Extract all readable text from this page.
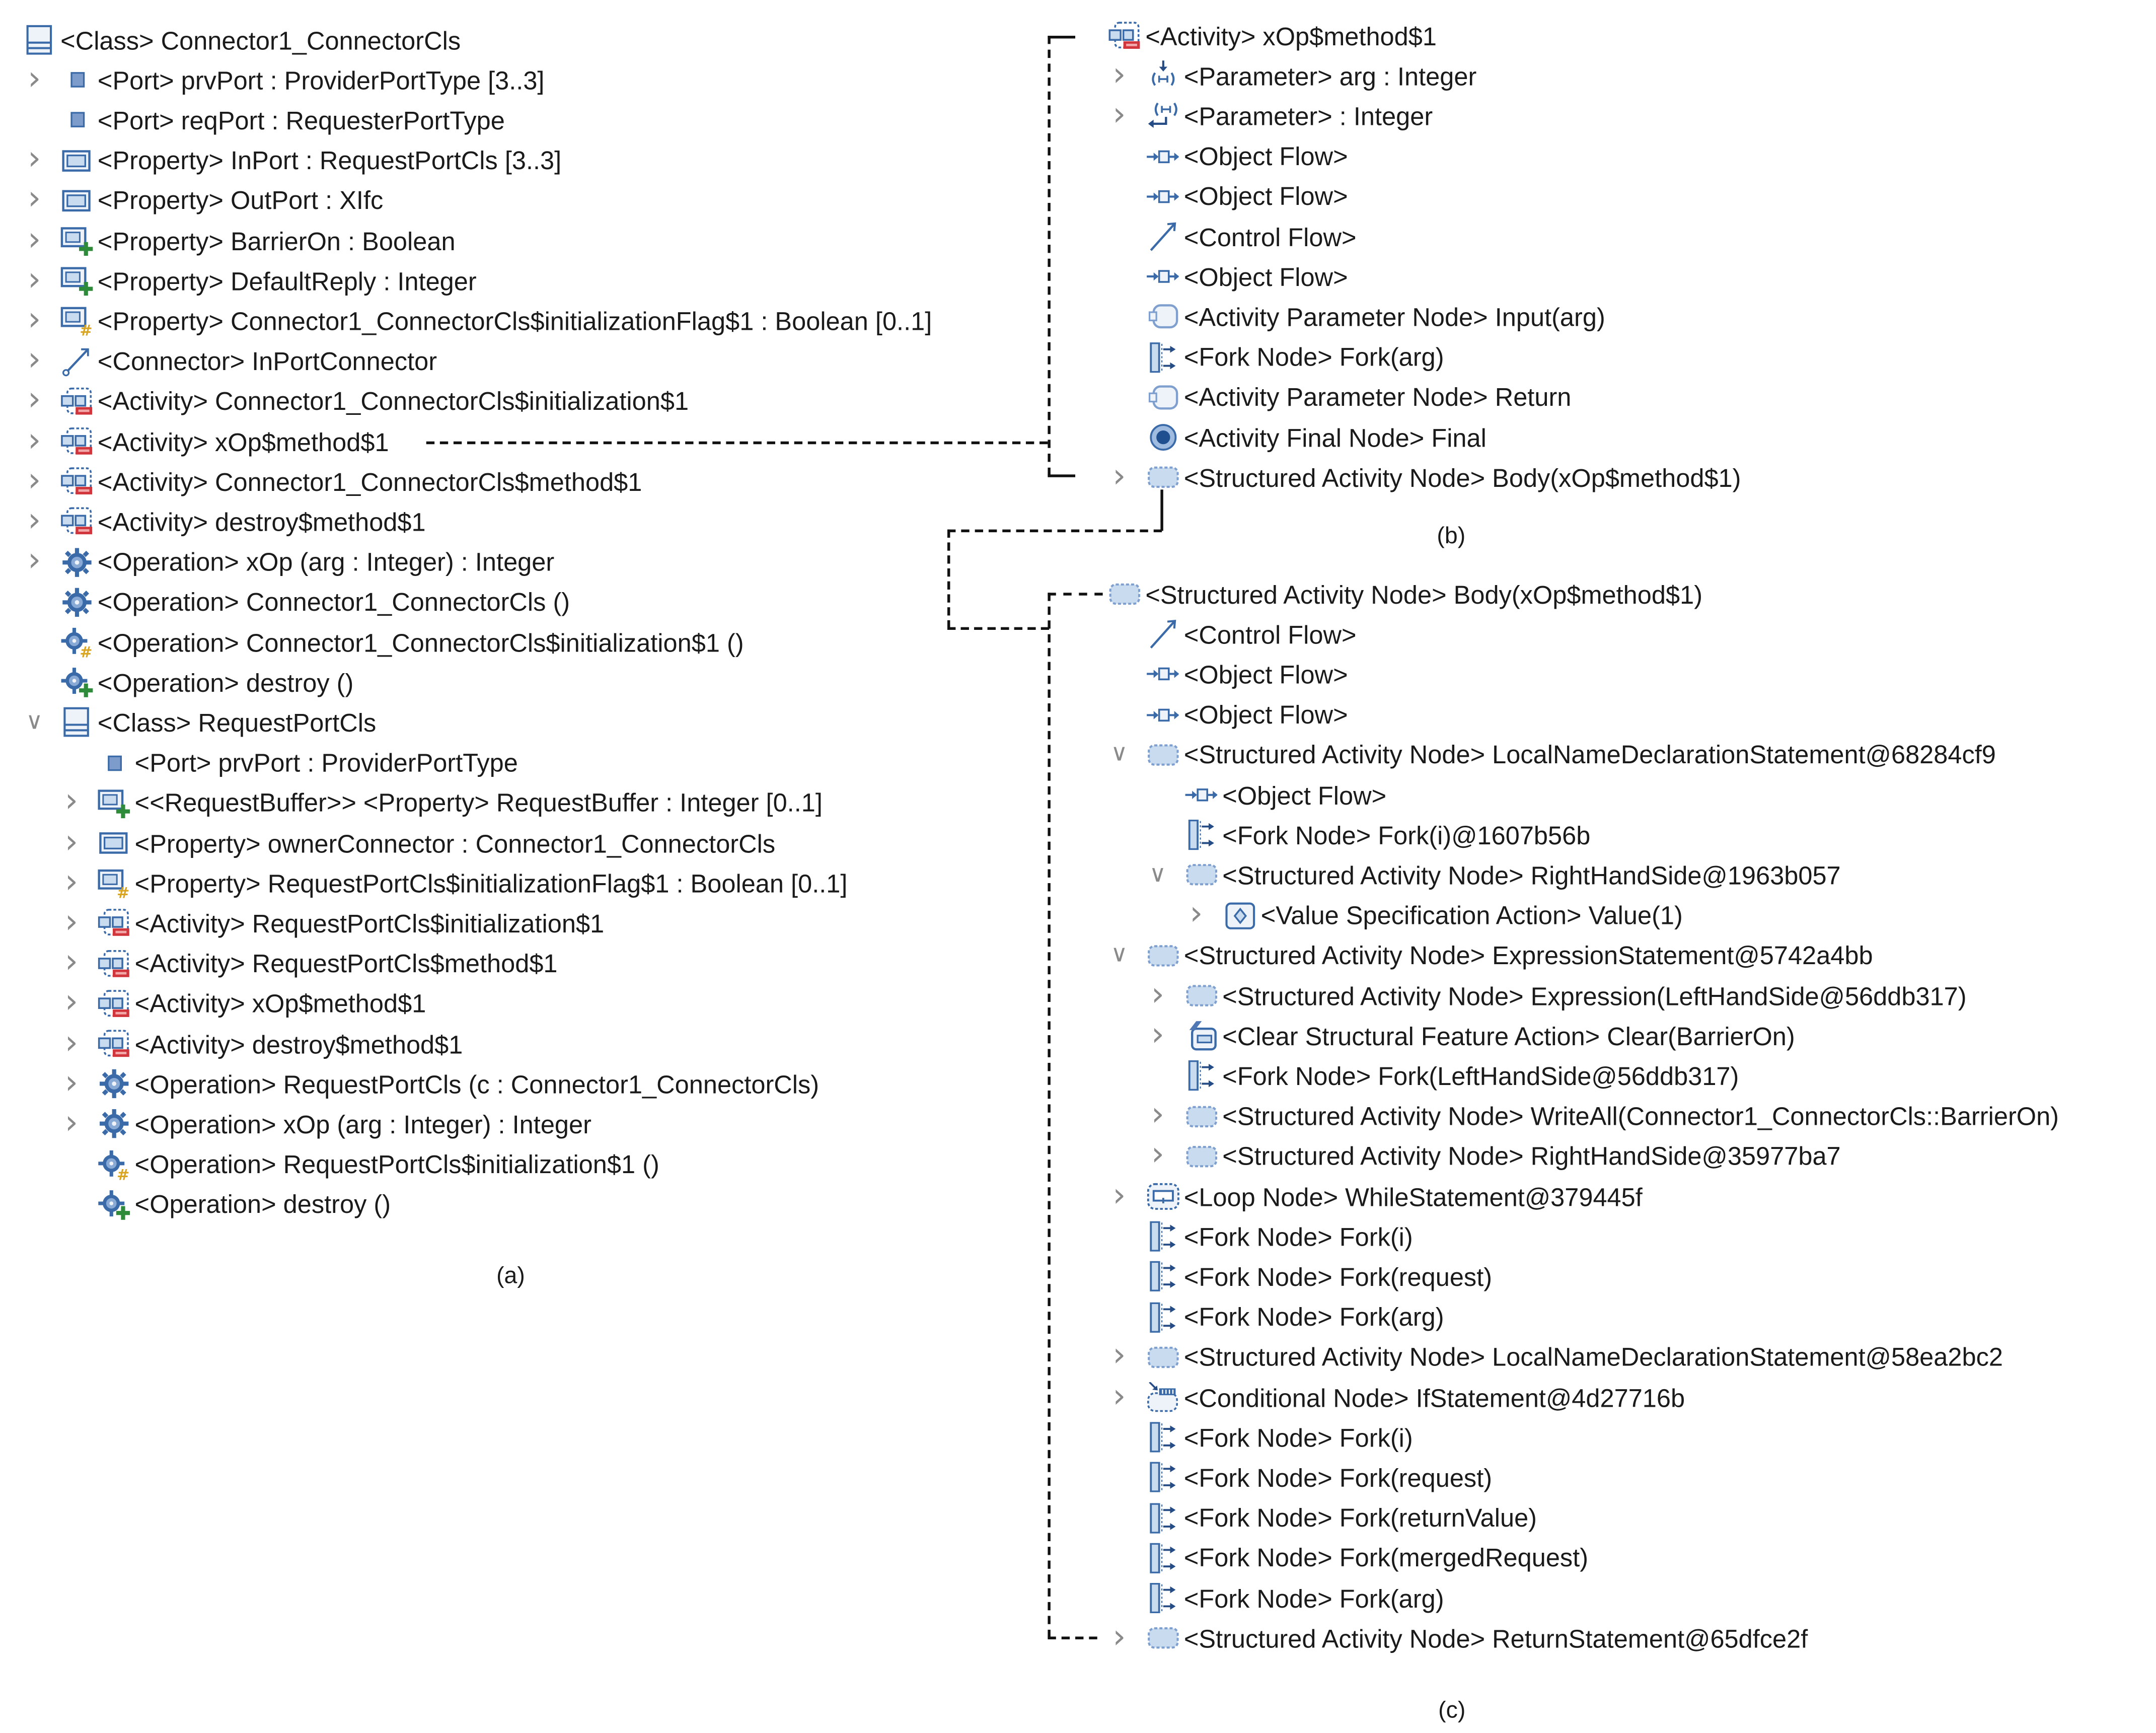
<Class> Connector1_ConnectorCls
<Port> prvPort : ProviderPortType [3..3]
›
<Port> reqPort : RequesterPortType
<Property> InPort : RequestPortCls [3..3]
›
<Property> OutPort : XIfc
›
<Property> BarrierOn : Boolean
›
<Property> DefaultReply : Integer
›
# <Property> Connector1_ConnectorCls$initializationFlag$1 : Boolean [0..1]
›
<Connector> InPortConnector
›
<Activity> Connector1_ConnectorCls$initialization$1
›
<Activity> xOp$method$1
›
<Activity> Connector1_ConnectorCls$method$1
›
<Activity> destroy$method$1
›
<Operation> xOp (arg : Integer) : Integer
›
<Operation> Connector1_ConnectorCls ()
# <Operation> Connector1_ConnectorCls$initialization$1 ()
<Operation> destroy ()
<Class> RequestPortCls
∨
<Port> prvPort : ProviderPortType
<<RequestBuffer>> <Property> RequestBuffer : Integer [0..1]
›
<Property> ownerConnector : Connector1_ConnectorCls
›
# <Property> RequestPortCls$initializationFlag$1 : Boolean [0..1]
›
<Activity> RequestPortCls$initialization$1
›
<Activity> RequestPortCls$method$1
›
<Activity> xOp$method$1
›
<Activity> destroy$method$1
›
<Operation> RequestPortCls (c : Connector1_ConnectorCls)
›
<Operation> xOp (arg : Integer) : Integer
›
# <Operation> RequestPortCls$initialization$1 ()
<Operation> destroy ()
(a)
<Activity> xOp$method$1
<Parameter> arg : Integer
›
<Parameter> : Integer
›
<Object Flow>
<Object Flow>
<Control Flow>
<Object Flow>
<Activity Parameter Node> Input(arg)
<Fork Node> Fork(arg)
<Activity Parameter Node> Return
<Activity Final Node> Final
<Structured Activity Node> Body(xOp$method$1)
›
(b)
<Structured Activity Node> Body(xOp$method$1)
<Control Flow>
<Object Flow>
<Object Flow>
<Structured Activity Node> LocalNameDeclarationStatement@68284cf9
∨
<Object Flow>
<Fork Node> Fork(i)@1607b56b
<Structured Activity Node> RightHandSide@1963b057
∨
<Value Specification Action> Value(1)
›
<Structured Activity Node> ExpressionStatement@5742a4bb
∨
<Structured Activity Node> Expression(LeftHandSide@56ddb317)
›
<Clear Structural Feature Action> Clear(BarrierOn)
›
<Fork Node> Fork(LeftHandSide@56ddb317)
<Structured Activity Node> WriteAll(Connector1_ConnectorCls::BarrierOn)
›
<Structured Activity Node> RightHandSide@35977ba7
›
<Loop Node> WhileStatement@379445f
›
<Fork Node> Fork(i)
<Fork Node> Fork(request)
<Fork Node> Fork(arg)
<Structured Activity Node> LocalNameDeclarationStatement@58ea2bc2
›
<Conditional Node> IfStatement@4d27716b
›
<Fork Node> Fork(i)
<Fork Node> Fork(request)
<Fork Node> Fork(returnValue)
<Fork Node> Fork(mergedRequest)
<Fork Node> Fork(arg)
<Structured Activity Node> ReturnStatement@65dfce2f
›
(c)
